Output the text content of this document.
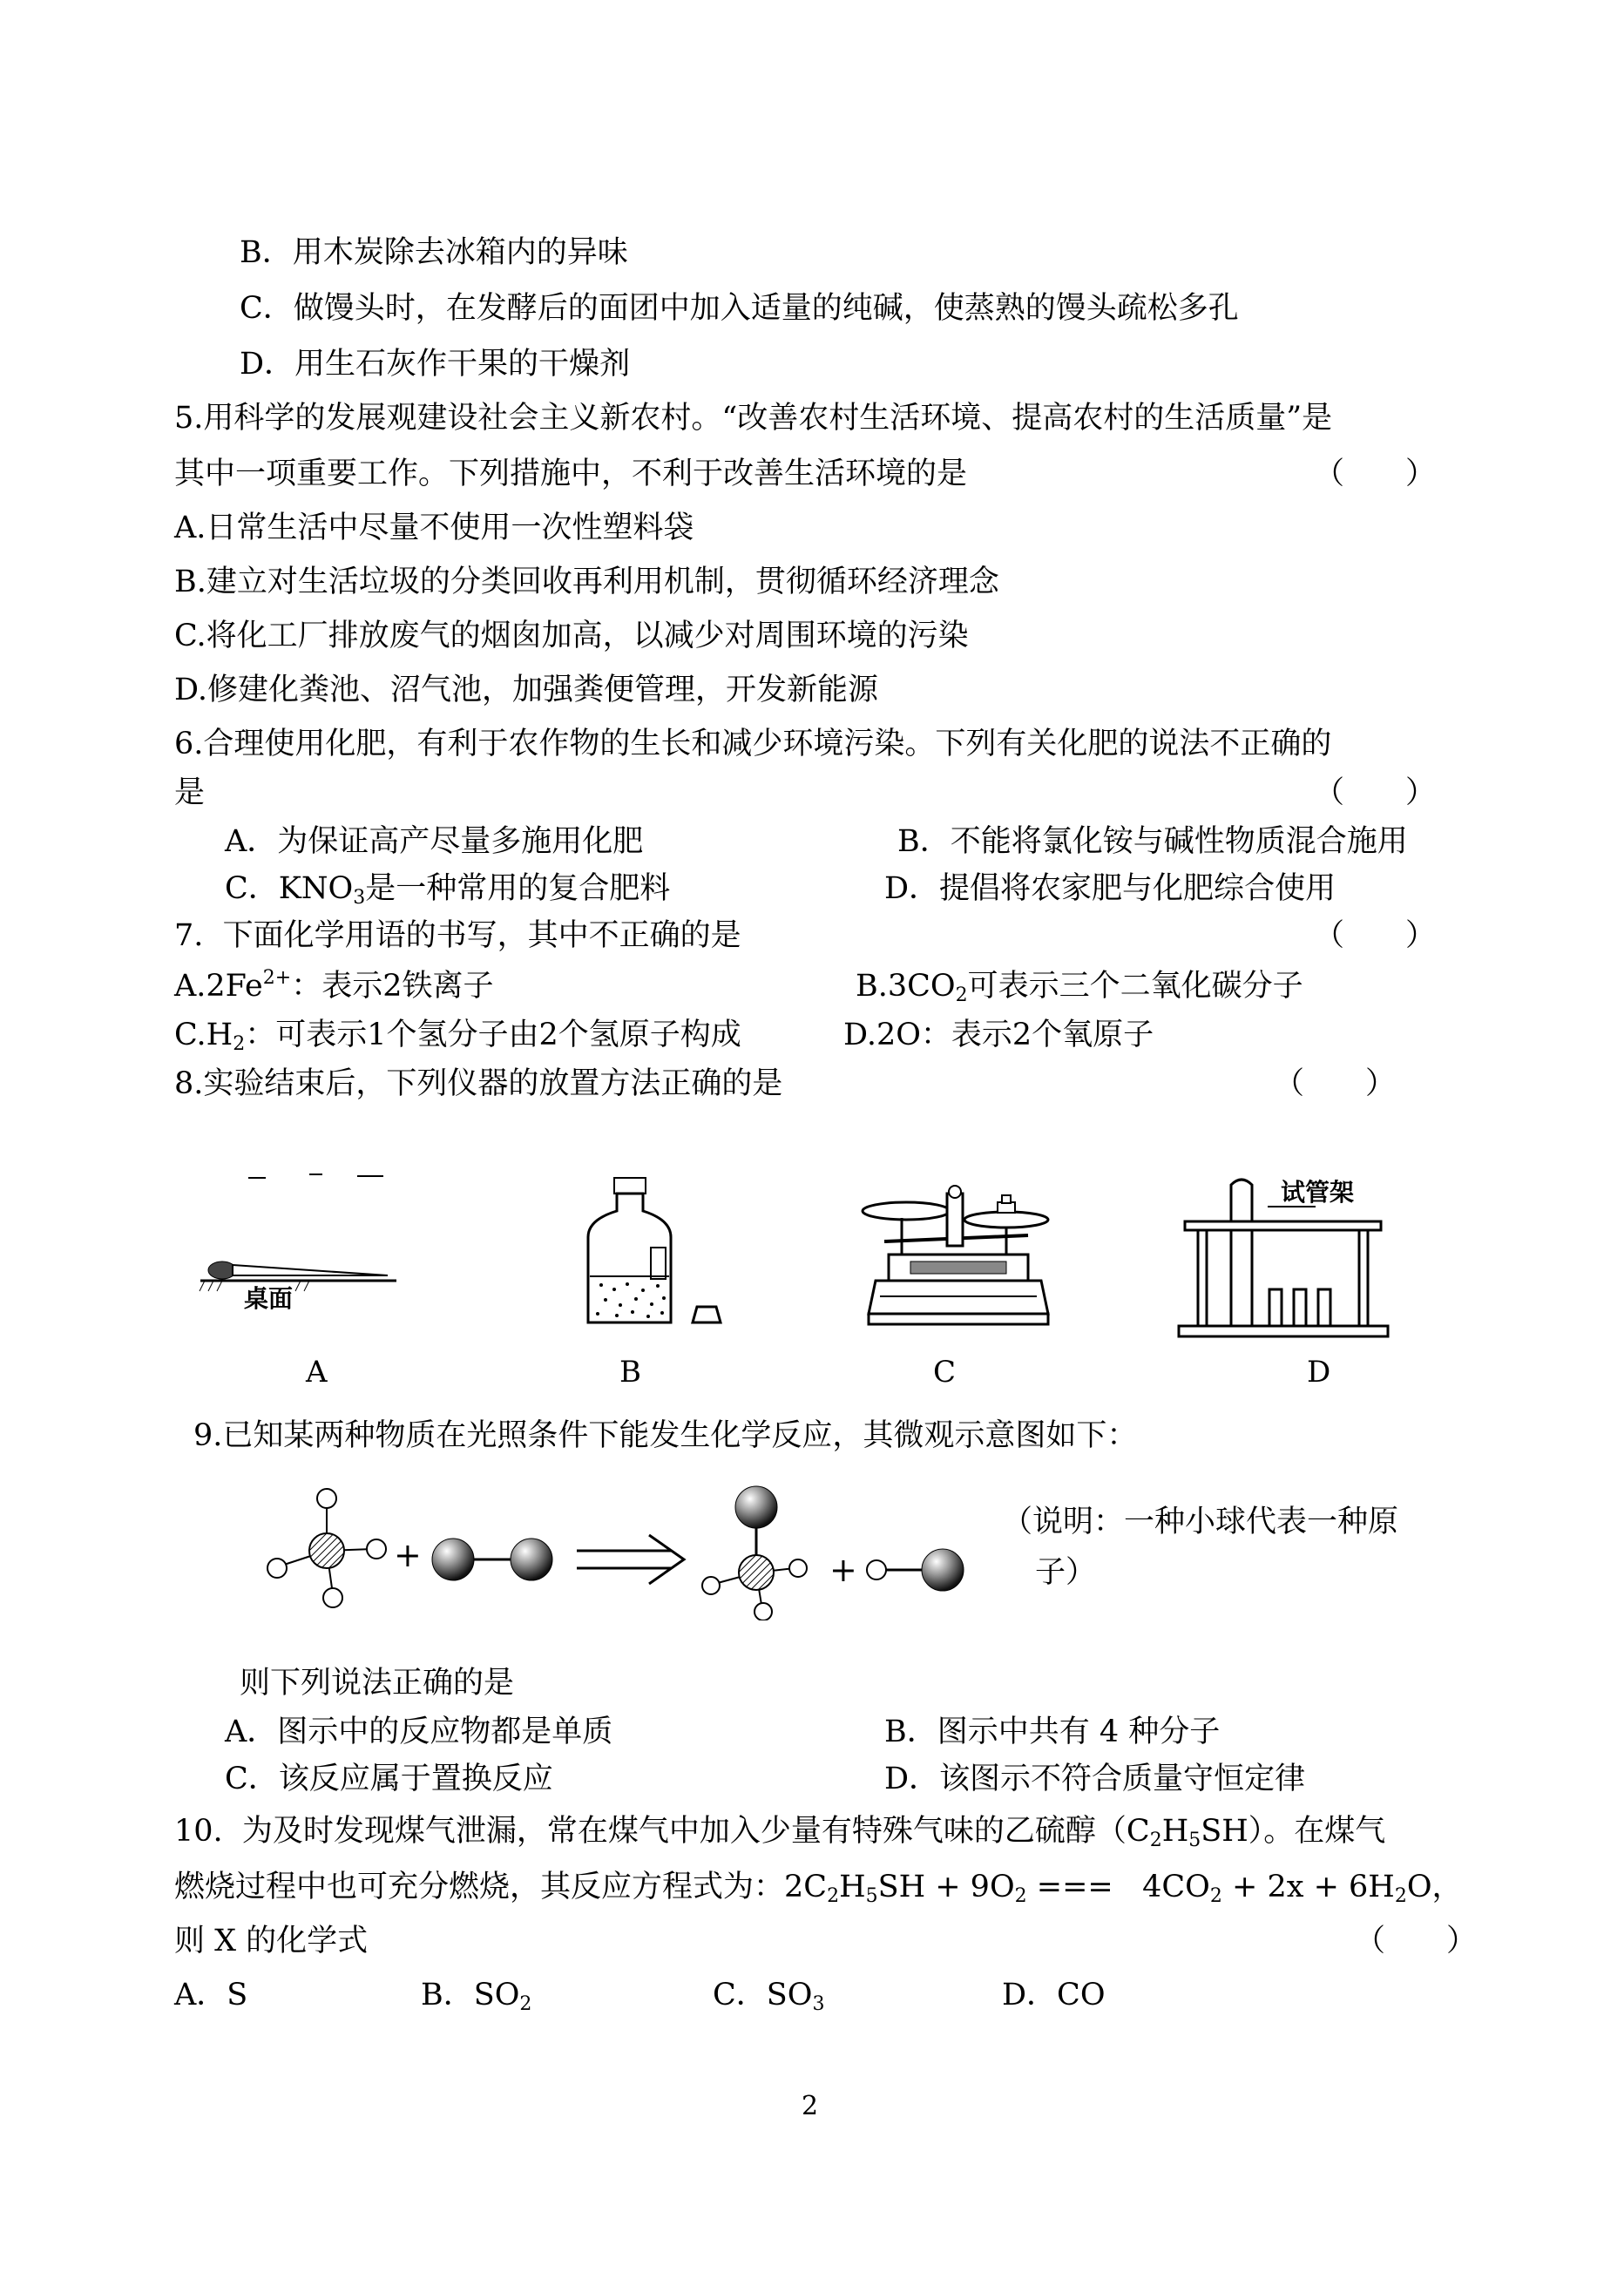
B．用木炭除去冰箱内的异味
C．做馒头时，在发酵后的面团中加入适量的纯碱，使蒸熟的馒头疏松多孔
D．用生石灰作干果的干燥剂
5.用科学的发展观建设社会主义新农村。“改善农村生活环境、提高农村的生活质量”是
其中一项重要工作。下列措施中，不利于改善生活环境的是	（　　）
A.日常生活中尽量不使用一次性塑料袋
B.建立对生活垃圾的分类回收再利用机制，贯彻循环经济理念
C.将化工厂排放废气的烟囱加高，以减少对周围环境的污染
D.修建化粪池、沼气池，加强粪便管理，开发新能源
6.合理使用化肥，有利于农作物的生长和减少环境污染。下列有关化肥的说法不正确的
是	（　　）
A．为保证高产尽量多施用化肥	B．不能将氯化铵与碱性物质混合施用
C．$KNO_3$是一种常用的复合肥料	D．提倡将农家肥与化肥综合使用
7.  下面化学用语的书写，其中不正确的是	（　　）
$A.2Fe^{2+}$：表示2铁离子	$B.3CO_2$可表示三个二氧化碳分子
$C.H_2$：可表示1个氢分子由2个氢原子构成	D.2O：表示2个氧原子
8.实验结束后，下列仪器的放置方法正确的是	（　　）
桌面
试管架
A	B	C	D
9.已知某两种物质在光照条件下能发生化学反应，其微观示意图如下：
+	+
（说明：一种小球代表一种原
子）
则下列说法正确的是
A．图示中的反应物都是单质	B．图示中共有 4 种分子
C．该反应属于置换反应	D．该图示不符合质量守恒定律
10.  为及时发现煤气泄漏，常在煤气中加入少量有特殊气味的乙硫醇$(C_2H_5SH)$。在煤气
燃烧过程中也可充分燃烧，其反应方程式为：$2C_2H_5SH + 9O_2$ ===   $4CO_2 + 2x + 6H_2O$，
则 X 的化学式	（　　）
A．S	B．$SO_2$	C．$SO_3$	D．CO
2
